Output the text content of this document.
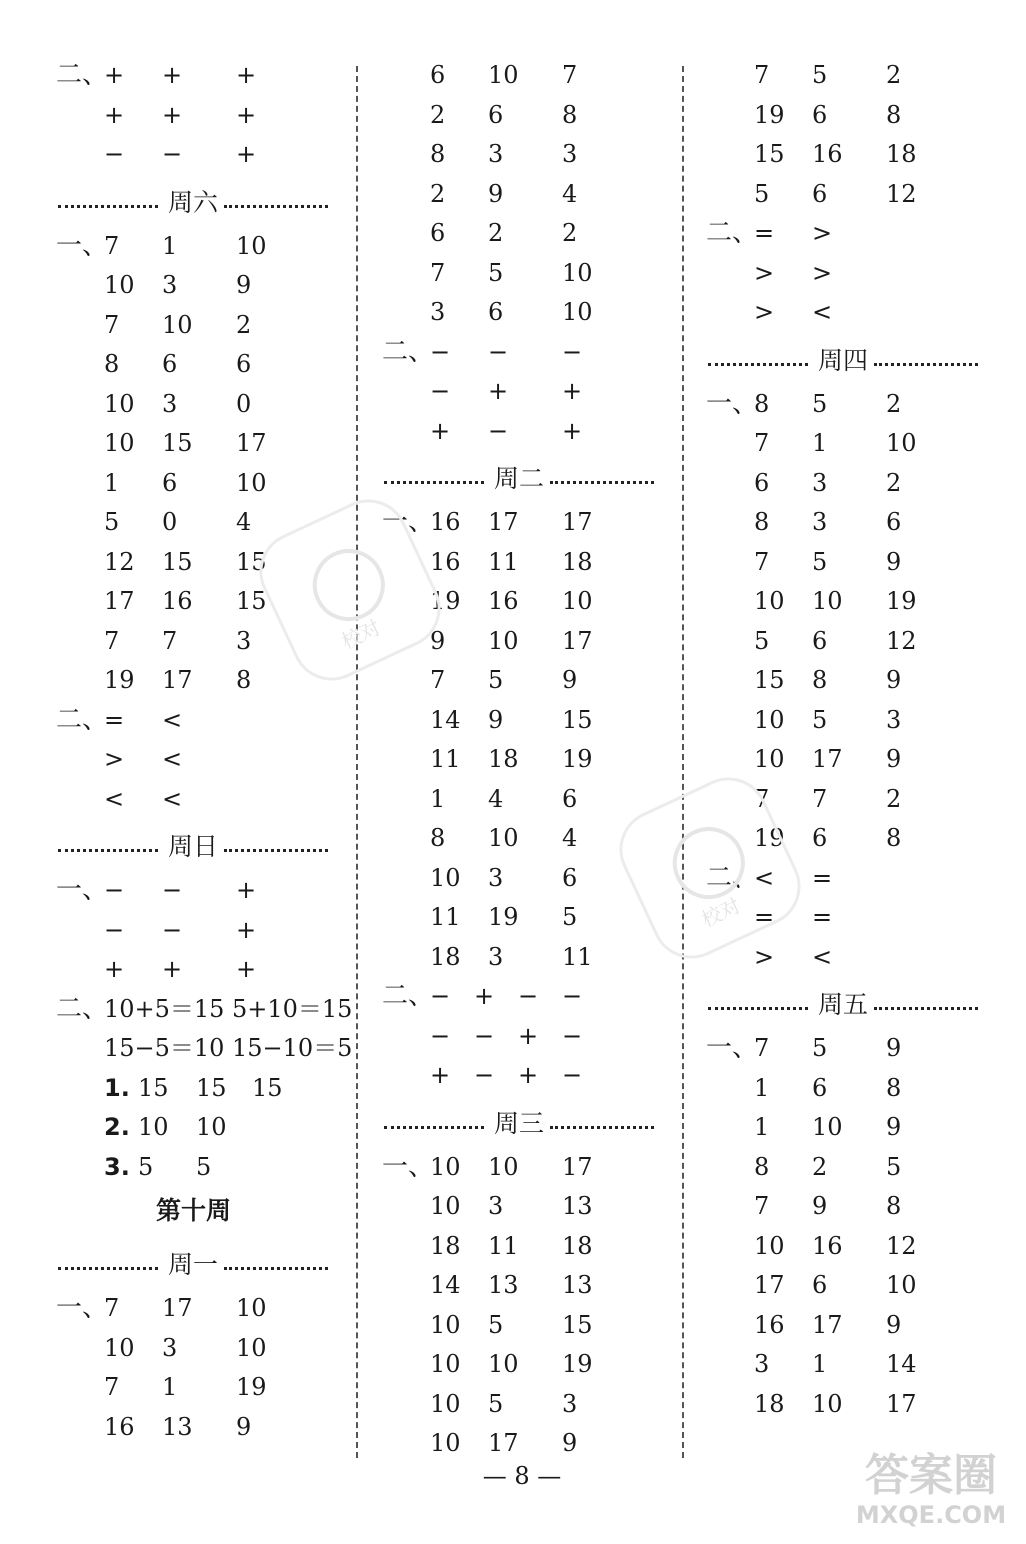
二、
+ + +
+ + +
− − +
周六
一、
7 1 10
10 3 9
7 10 2
8 6 6
10 3 0
10 15 17
1 6 10
5 0 4
12 15 15
17 16 15
7 7 3
19 17 8
二、
= <
> <
< <
周日
一、
− − +
− − +
+ + +
二、
10+5＝15 5+10＝15
15−5＝10 15−10＝5
1. 15 15 15
2. 10 10
3. 5 5
第十周
周一
一、
7 17 10
10 3 10
7 1 19
16 13 9
6 10 7
2 6 8
8 3 3
2 9 4
6 2 2
7 5 10
3 6 10
二、
− − −
− + +
+ − +
周二
一、
16 17 17
16 11 18
19 16 10
9 10 17
7 5 9
14 9 15
11 18 19
1 4 6
8 10 4
10 3 6
11 19 5
18 3 11
二、
− + − −
− − + −
+ − + −
周三
一、
10 10 17
10 3 13
18 11 18
14 13 13
10 5 15
10 10 19
10 5 3
10 17 9
7 5 2
19 6 8
15 16 18
5 6 12
二、
= >
> >
> <
周四
一、
8 5 2
7 1 10
6 3 2
8 3 6
7 5 9
10 10 19
5 6 12
15 8 9
10 5 3
10 17 9
7 7 2
19 6 8
二、
< =
= =
> <
周五
一、
7 5 9
1 6 8
1 10 9
8 2 5
7 9 8
10 16 12
17 6 10
16 17 9
3 1 14
18 10 17
校对
校对
— 8 —	答案圈
MXQE.COM
